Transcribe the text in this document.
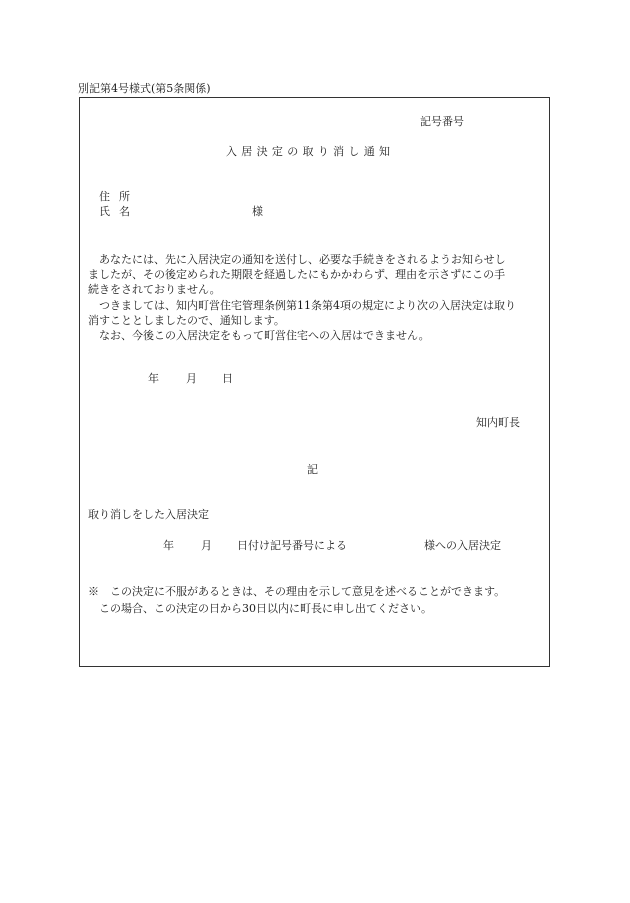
別記第4号様式(第5条関係)
記号番号
入居決定の取り消し通知
住所
氏名	様

　あなたには、先に入居決定の通知を送付し、必要な手続きをされるようお知らせし

ましたが、その後定められた期限を経過したにもかかわらず、理由を示さずにこの手

続きをされておりません。

　つきましては、知内町営住宅管理条例第11条第4項の規定により次の入居決定は取り

消すこととしましたので、通知します。

　なお、今後この入居決定をもって町営住宅への入居はできません。

年 月 日
知内町長
記
取り消しをした入居決定
年 月 日付け記号番号による	様への入居決定

※　この決定に不服があるときは、その理由を示して意見を述べることができます。

　この場合、この決定の日から30日以内に町長に申し出てください。
